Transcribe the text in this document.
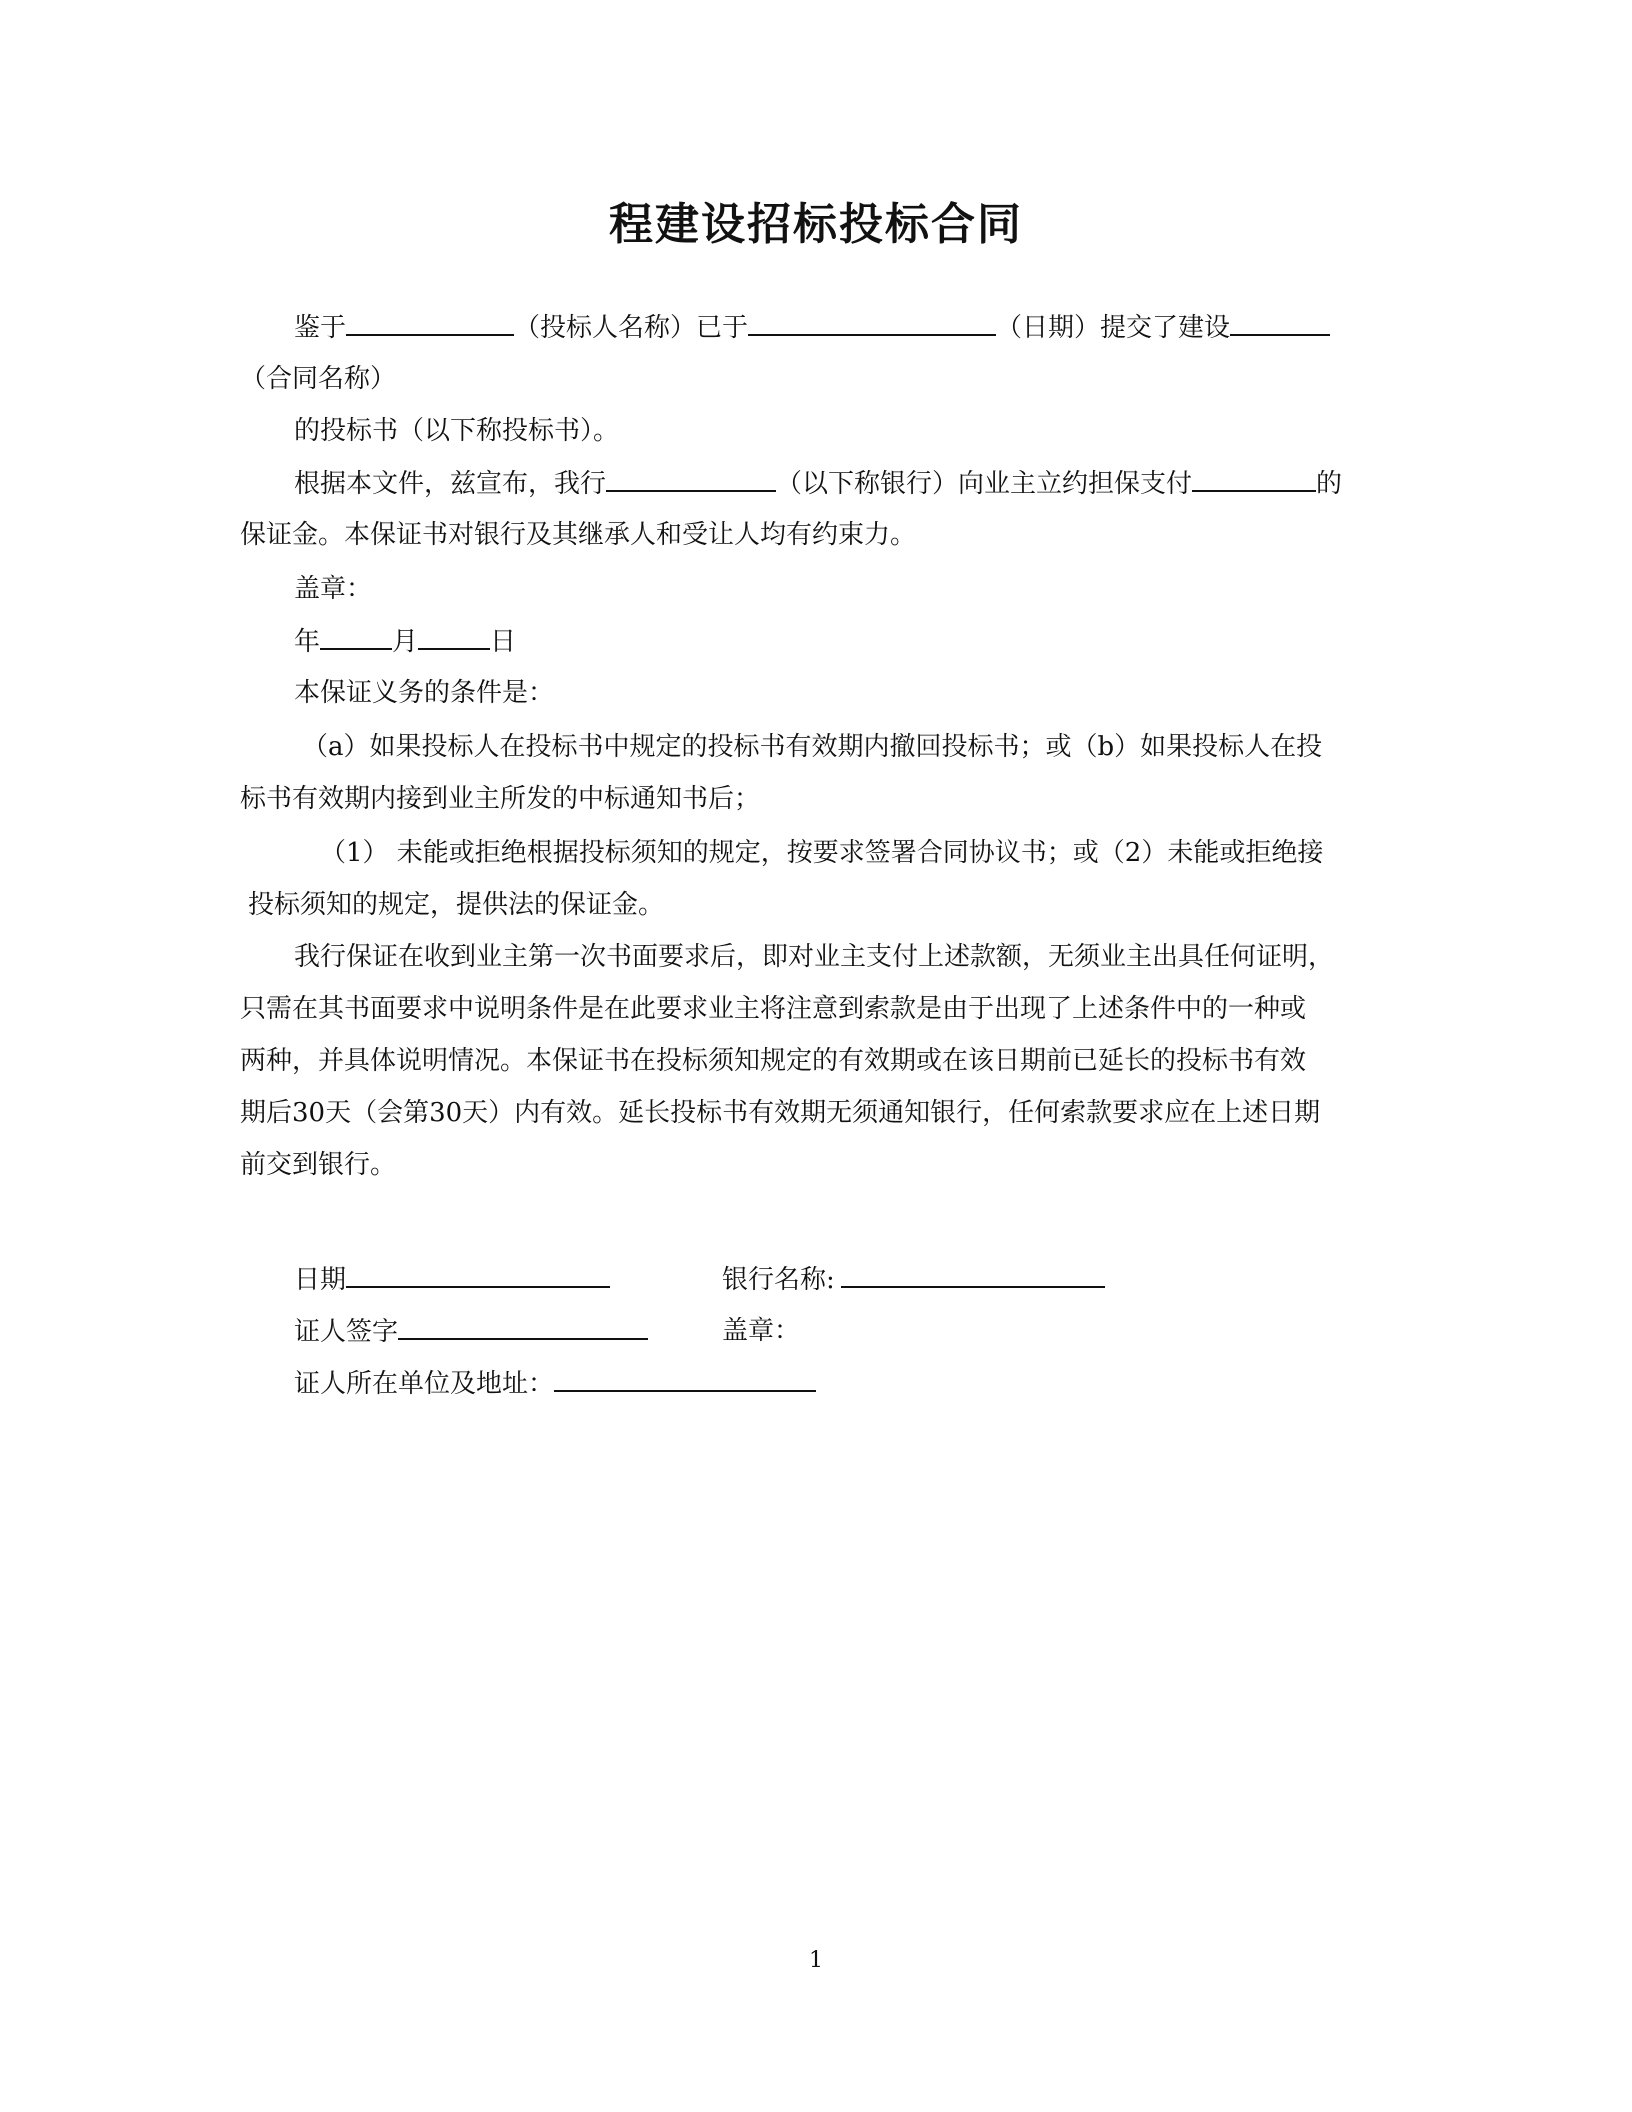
程建设招标投标合同
鉴于	（投标人名称）已于	（日期）提交了建设
（合同名称）
的投标书（以下称投标书）。
根据本文件，兹宣布，我行	（以下称银行）向业主立约担保支付	的
保证金。本保证书对银行及其继承人和受让人均有约束力。
盖章：
年	月	日
本保证义务的条件是：
（a）如果投标人在投标书中规定的投标书有效期内撤回投标书；或（b）如果投标人在投
标书有效期内接到业主所发的中标通知书后；
（1） 未能或拒绝根据投标须知的规定，按要求签署合同协议书；或（2）未能或拒绝接
投标须知的规定，提供法的保证金。
我行保证在收到业主第一次书面要求后，即对业主支付上述款额，无须业主出具任何证明，
只需在其书面要求中说明条件是在此要求业主将注意到索款是由于出现了上述条件中的一种或
两种，并具体说明情况。本保证书在投标须知规定的有效期或在该日期前已延长的投标书有效
期后30天（会第30天）内有效。延长投标书有效期无须通知银行，任何索款要求应在上述日期
前交到银行。
日期	银行名称:
证人签字	盖章：
证人所在单位及地址：
1
